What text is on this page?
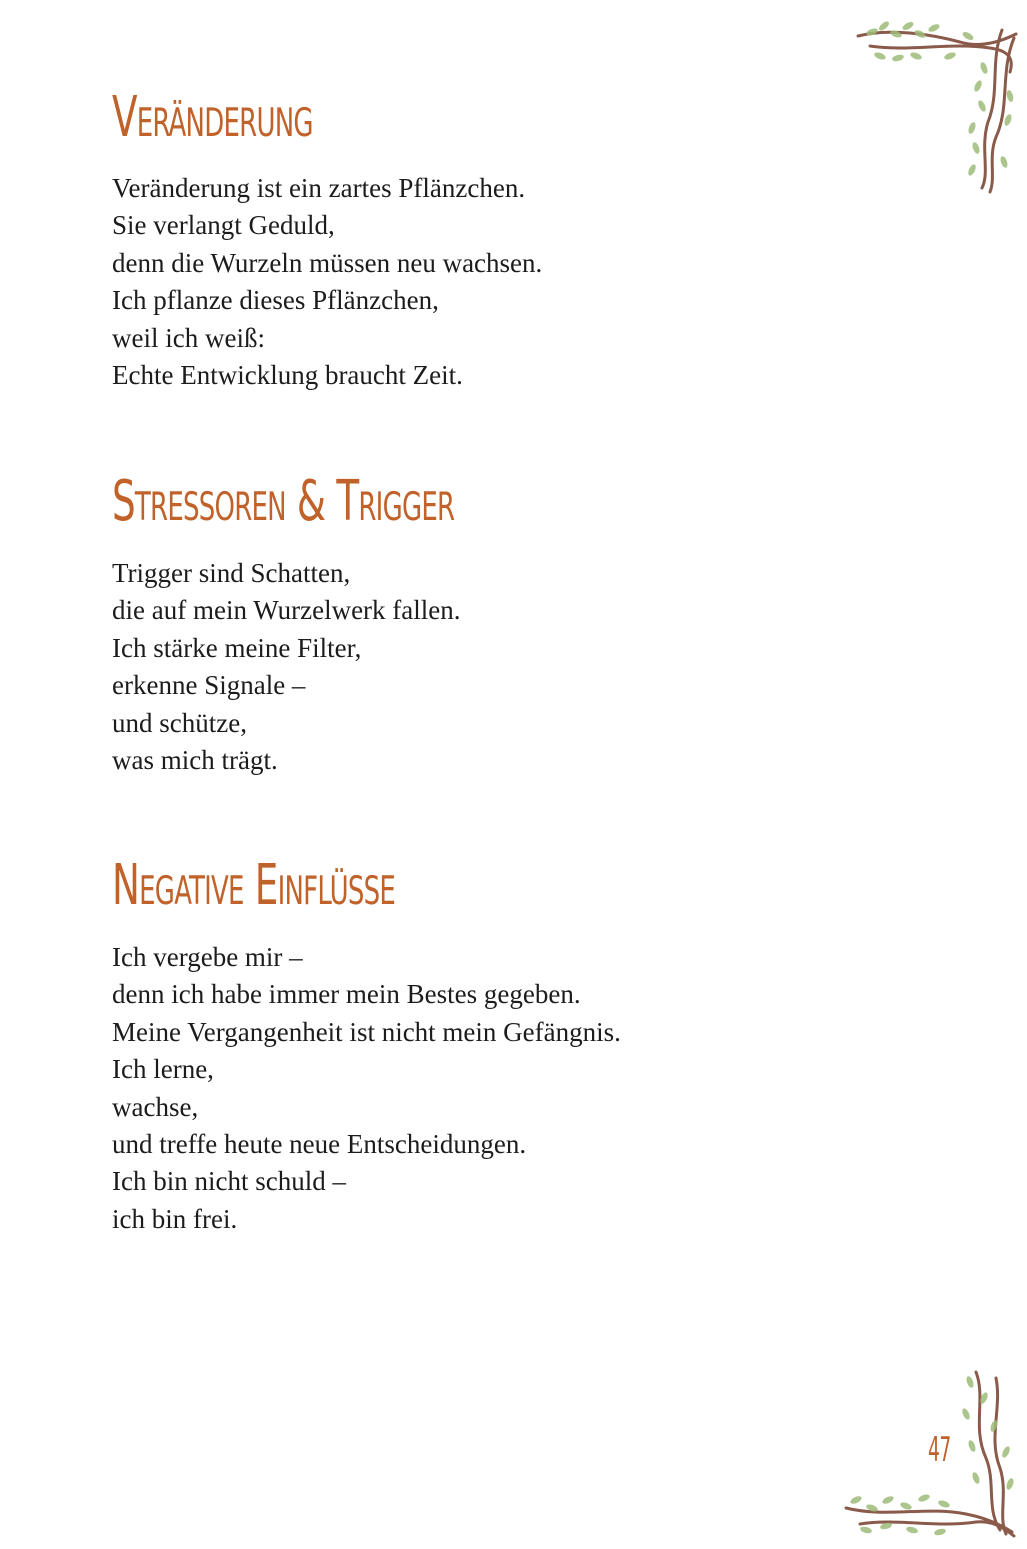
Veränderung
Veränderung ist ein zartes Pflänzchen.
Sie verlangt Geduld,
denn die Wurzeln müssen neu wachsen.
Ich pflanze dieses Pflänzchen,
weil ich weiß:
Echte Entwicklung braucht Zeit.
Stressoren & Trigger
Trigger sind Schatten,
die auf mein Wurzelwerk fallen.
Ich stärke meine Filter,
erkenne Signale –
und schütze,
was mich trägt.
Negative Einflüsse
Ich vergebe mir –
denn ich habe immer mein Bestes gegeben.
Meine Vergangenheit ist nicht mein Gefängnis.
Ich lerne,
wachse,
und treffe heute neue Entscheidungen.
Ich bin nicht schuld –
ich bin frei.
47
